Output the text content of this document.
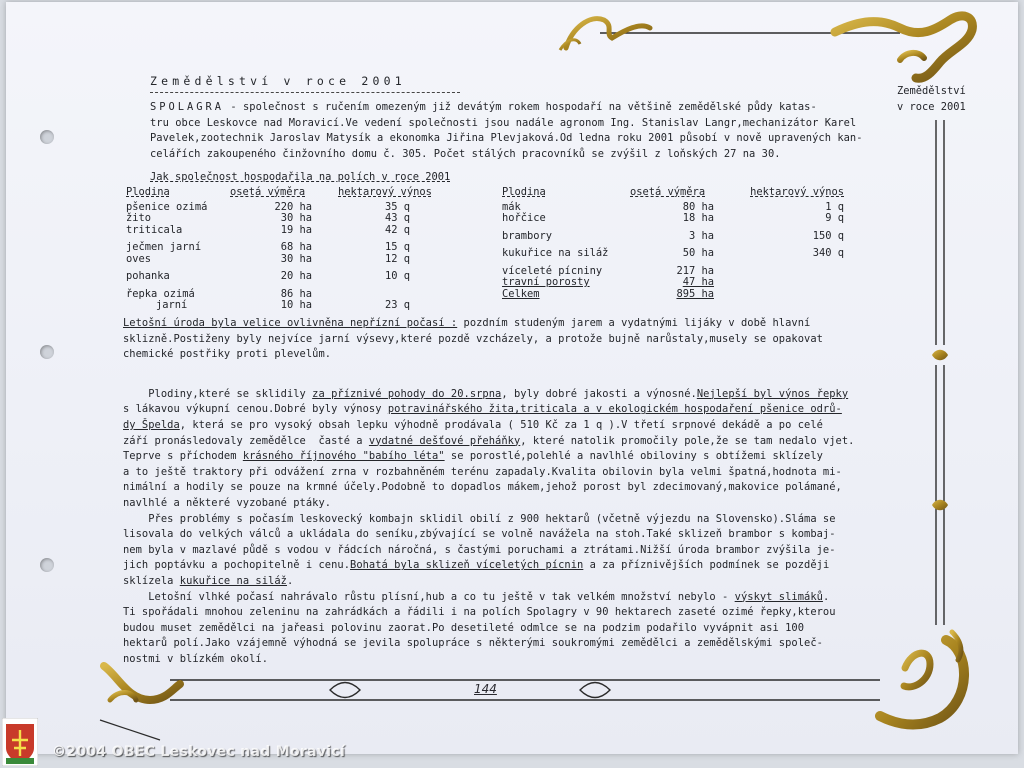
Zemědělství v roce 2001
Zemědělství
v roce 2001
SPOLAGRA - společnost s ručením omezeným již devátým rokem hospodaří na většině zemědělské půdy katas-
tru obce Leskovce nad Moravicí.Ve vedení společnosti jsou nadále agronom Ing. Stanislav Langr,mechanizátor Karel
Pavelek,zootechnik Jaroslav Matysík a ekonomka Jiřina Plevjaková.Od ledna roku 2001 působí v nově upravených kan-
celářích zakoupeného činžovního domu č. 305. Počet stálých pracovníků se zvýšil z loňských 27 na 30.
Jak společnost hospodařila na polích v roce 2001
Plodina	osetá výměra	hektarový výnos
pšenice ozimá	220 ha	35 q
žito	30 ha	43 q
triticala	19 ha	42 q
ječmen jarní	68 ha	15 q
oves	30 ha	12 q
pohanka	20 ha	10 q
řepka ozimá	86 ha	
jarní	10 ha	23 q
Plodina	osetá výměra	hektarový výnos
mák	80 ha	1 q
hořčice	18 ha	9 q
brambory	3 ha	150 q
kukuřice na siláž	50 ha	340 q
víceleté pícniny	217 ha	
travní porosty	47 ha	
Celkem	895 ha	
Letošní úroda byla velice ovlivněna nepřízní počasí : pozdním studeným jarem a vydatnými lijáky v době hlavní
sklizně.Postiženy byly nejvíce jarní výsevy,které pozdě vzcházely, a protože bujně narůstaly,musely se opakovat
chemické postřiky proti plevelům.

Plodiny,které se sklidily za příznivé pohody do 20.srpna, byly dobré jakosti a výnosné.Nejlepší byl výnos řepky
s lákavou výkupní cenou.Dobré byly výnosy potravinářského žita,triticala a v ekologickém hospodaření pšenice odrů-
dy Špelda, která se pro vysoký obsah lepku výhodně prodávala ( 510 Kč za 1 q ).V třetí srpnové dekádě a po celé
září pronásledovaly zemědělce  časté a vydatné dešťové přeháňky, které natolik promočily pole,že se tam nedalo vjet.
Teprve s příchodem krásného říjnového "babího léta" se porostlé,polehlé a navlhlé obiloviny s obtížemi sklízely
a to ještě traktory při odvážení zrna v rozbahněném terénu zapadaly.Kvalita obilovin byla velmi špatná,hodnota mi-
nimální a hodily se pouze na krmné účely.Podobně to dopadlos mákem,jehož porost byl zdecimovaný,makovice polámané,
navlhlé a některé vyzobané ptáky.
Přes problémy s počasím leskovecký kombajn sklidil obilí z 900 hektarů (včetně výjezdu na Slovensko).Sláma se
lisovala do velkých válců a ukládala do seníku,zbývající se volně navážela na stoh.Také sklizeň brambor s kombaj-
nem byla v mazlavé půdě s vodou v řádcích náročná, s častými poruchami a ztrátami.Nižší úroda brambor zvýšila je-
jich poptávku a pochopitelně i cenu.Bohatá byla sklizeň víceletých pícnin a za příznivějších podmínek se později
sklízela kukuřice na siláž.
Letošní vlhké počasí nahrávalo růstu plísní,hub a co tu ještě v tak velkém množství nebylo - výskyt slimáků.
Ti spořádali mnohou zeleninu na zahrádkách a řádili i na polích Spolagry v 90 hektarech zaseté ozimé řepky,kterou
budou muset zemědělci na jařeasi polovinu zaorat.Po desetileté odmlce se na podzim podařilo vyvápnit asi 100
hektarů polí.Jako vzájemně výhodná se jevila spolupráce s některými soukromými zemědělci a zemědělskými společ-
nostmi v blízkém okolí.
144
©2004 OBEC Leskovec nad Moravicí
